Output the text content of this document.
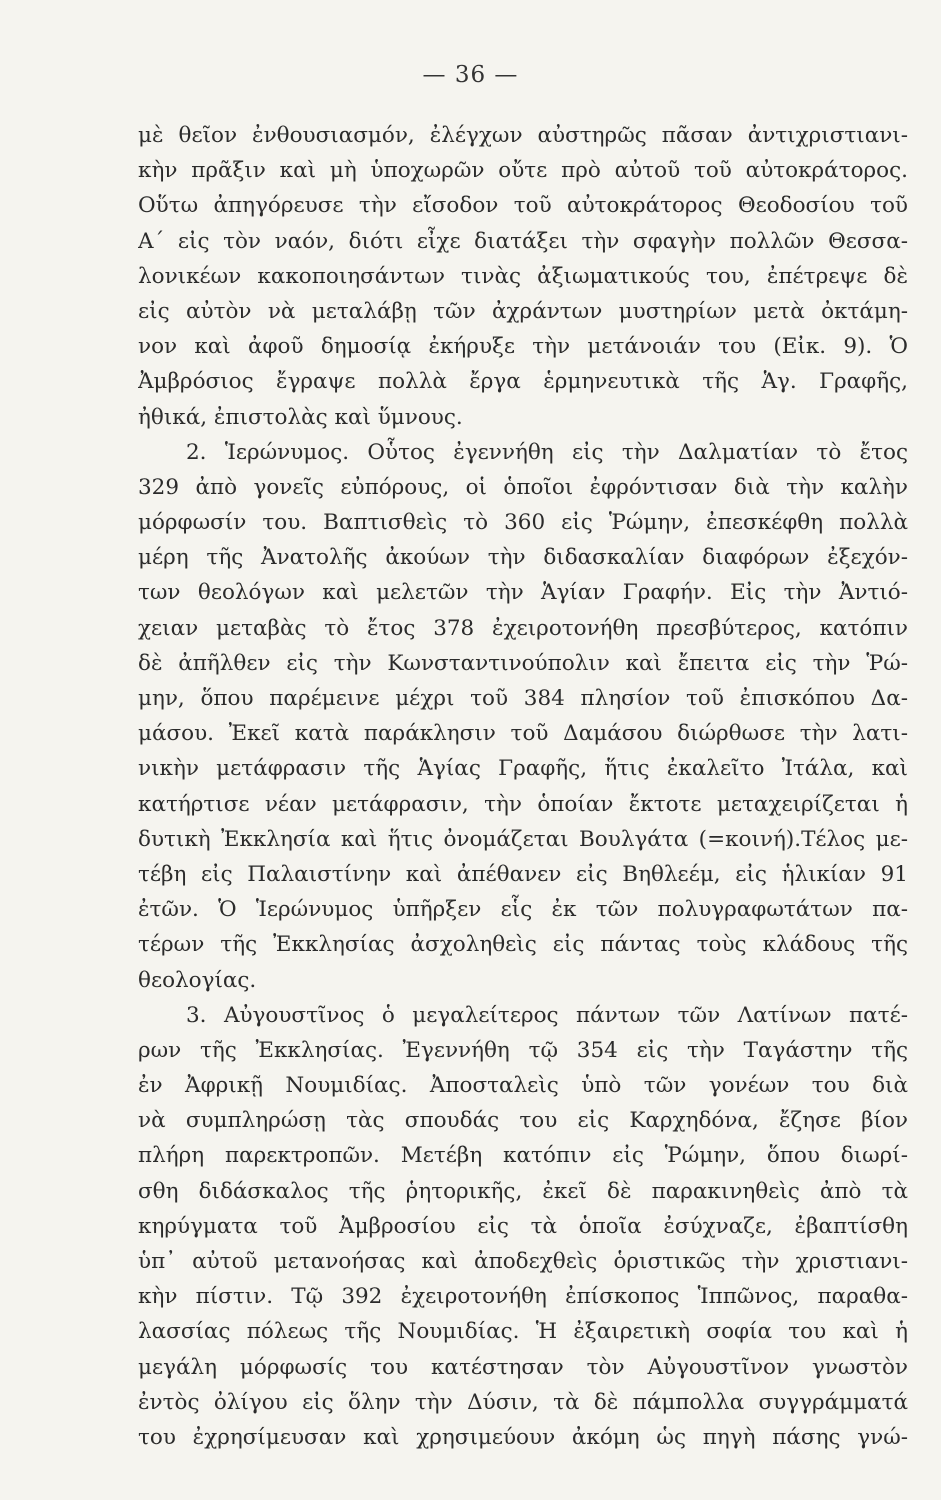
— 36 —
μὲ θεῖον ἐνθουσιασμόν, ἐλέγχων αὐστηρῶς πᾶσαν ἀντιχριστιανι-
κὴν πρᾶξιν καὶ μὴ ὑποχωρῶν οὔτε πρὸ αὐτοῦ τοῦ αὐτοκράτορος.
Οὕτω ἀπηγόρευσε τὴν εἴσοδον τοῦ αὐτοκράτορος Θεοδοσίου τοῦ
Α´ εἰς τὸν ναόν, διότι εἶχε διατάξει τὴν σφαγὴν πολλῶν Θεσσα-
λονικέων κακοποιησάντων τινὰς ἀξιωματικούς του, ἐπέτρεψε δὲ
εἰς αὐτὸν νὰ μεταλάβῃ τῶν ἀχράντων μυστηρίων μετὰ ὀκτάμη-
νον καὶ ἀφοῦ δημοσίᾳ ἐκήρυξε τὴν μετάνοιάν του (Εἰκ. 9). Ὁ
Ἀμβρόσιος ἔγραψε πολλὰ ἔργα ἑρμηνευτικὰ τῆς Ἁγ. Γραφῆς,
ἠθικά, ἐπιστολὰς καὶ ὕμνους.
2. Ἱερώνυμος. Οὗτος ἐγεννήθη εἰς τὴν Δαλματίαν τὸ ἔτος
329 ἀπὸ γονεῖς εὐπόρους, οἱ ὁποῖοι ἐφρόντισαν διὰ τὴν καλὴν
μόρφωσίν του. Βαπτισθεὶς τὸ 360 εἰς Ῥώμην, ἐπεσκέφθη πολλὰ
μέρη τῆς Ἀνατολῆς ἀκούων τὴν διδασκαλίαν διαφόρων ἐξεχόν-
των θεολόγων καὶ μελετῶν τὴν Ἁγίαν Γραφήν. Εἰς τὴν Ἀντιό-
χειαν μεταβὰς τὸ ἔτος 378 ἐχειροτονήθη πρεσβύτερος, κατόπιν
δὲ ἀπῆλθεν εἰς τὴν Κωνσταντινούπολιν καὶ ἔπειτα εἰς τὴν Ῥώ-
μην, ὅπου παρέμεινε μέχρι τοῦ 384 πλησίον τοῦ ἐπισκόπου Δα-
μάσου. Ἐκεῖ κατὰ παράκλησιν τοῦ Δαμάσου διώρθωσε τὴν λατι-
νικὴν μετάφρασιν τῆς Ἁγίας Γραφῆς, ἥτις ἐκαλεῖτο Ἰτάλα, καὶ
κατήρτισε νέαν μετάφρασιν, τὴν ὁποίαν ἔκτοτε μεταχειρίζεται ἡ
δυτικὴ Ἐκκλησία καὶ ἥτις ὀνομάζεται Βουλγάτα (=κοινή).Τέλος με-
τέβη εἰς Παλαιστίνην καὶ ἀπέθανεν εἰς Βηθλεέμ, εἰς ἡλικίαν 91
ἐτῶν. Ὁ Ἱερώνυμος ὑπῆρξεν εἷς ἐκ τῶν πολυγραφωτάτων πα-
τέρων τῆς Ἐκκλησίας ἀσχοληθεὶς εἰς πάντας τοὺς κλάδους τῆς
θεολογίας.
3. Αὐγουστῖνος ὁ μεγαλείτερος πάντων τῶν Λατίνων πατέ-
ρων τῆς Ἐκκλησίας. Ἐγεννήθη τῷ 354 εἰς τὴν Ταγάστην τῆς
ἐν Ἀφρικῇ Νουμιδίας. Ἀποσταλεὶς ὑπὸ τῶν γονέων του διὰ
νὰ συμπληρώσῃ τὰς σπουδάς του εἰς Καρχηδόνα, ἔζησε βίον
πλήρη παρεκτροπῶν. Μετέβη κατόπιν εἰς Ῥώμην, ὅπου διωρί-
σθη διδάσκαλος τῆς ῥητορικῆς, ἐκεῖ δὲ παρακινηθεὶς ἀπὸ τὰ
κηρύγματα τοῦ Ἀμβροσίου εἰς τὰ ὁποῖα ἐσύχναζε, ἐβαπτίσθη
ὑπ᾽ αὐτοῦ μετανοήσας καὶ ἀποδεχθεὶς ὁριστικῶς τὴν χριστιανι-
κὴν πίστιν. Τῷ 392 ἐχειροτονήθη ἐπίσκοπος Ἱππῶνος, παραθα-
λασσίας πόλεως τῆς Νουμιδίας. Ἡ ἐξαιρετικὴ σοφία του καὶ ἡ
μεγάλη μόρφωσίς του κατέστησαν τὸν Αὐγουστῖνον γνωστὸν
ἐντὸς ὀλίγου εἰς ὅλην τὴν Δύσιν, τὰ δὲ πάμπολλα συγγράμματά
του ἐχρησίμευσαν καὶ χρησιμεύουν ἀκόμη ὡς πηγὴ πάσης γνώ-
